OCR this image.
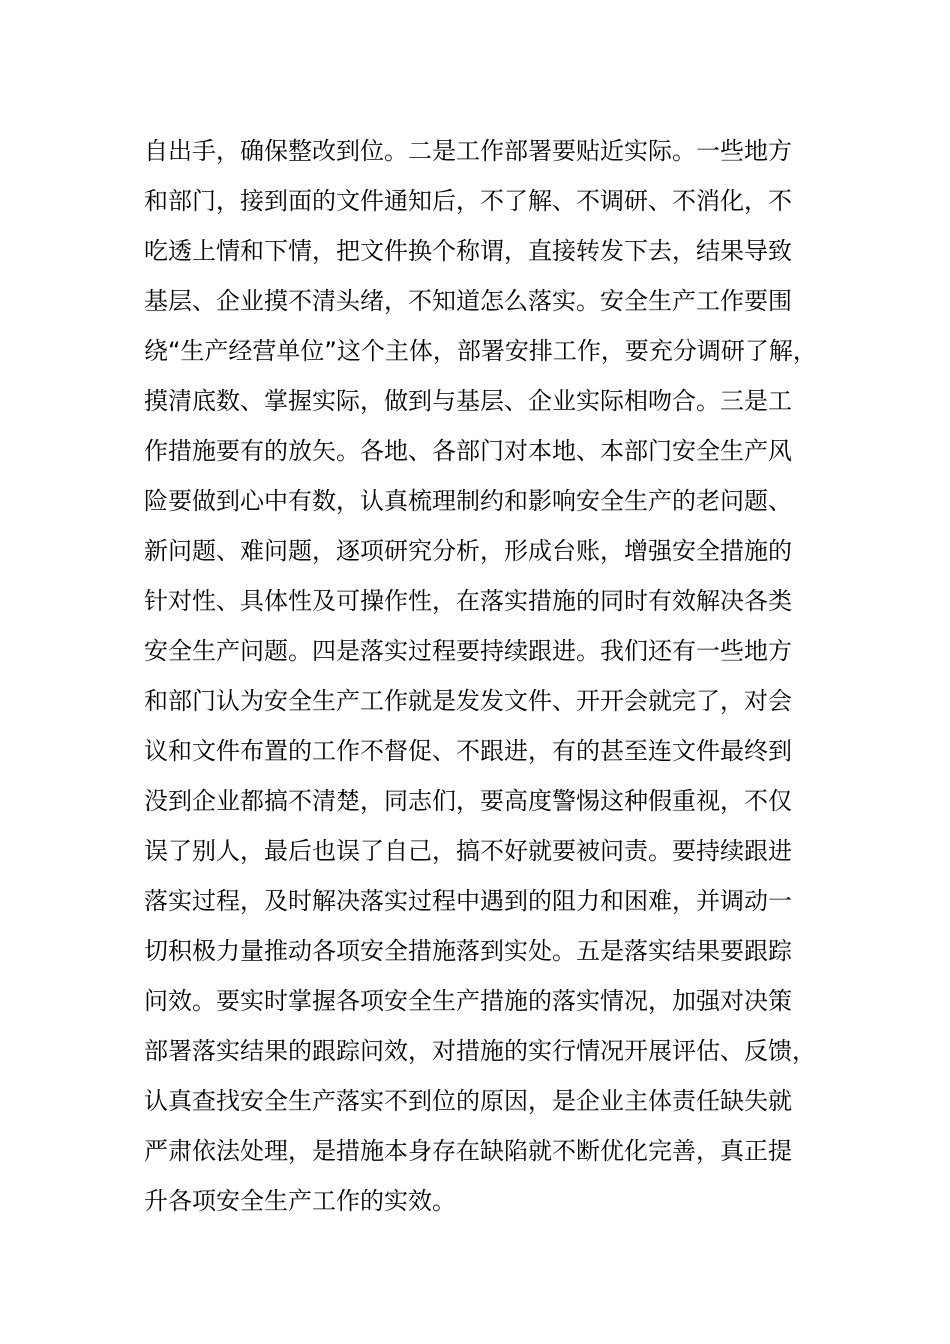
自出手，确保整改到位。二是工作部署要贴近实际。一些地方
和部门，接到面的文件通知后，不了解、不调研、不消化，不
吃透上情和下情，把文件换个称谓，直接转发下去，结果导致
基层、企业摸不清头绪，不知道怎么落实。安全生产工作要围
绕“生产经营单位”这个主体，部署安排工作，要充分调研了解，
摸清底数、掌握实际，做到与基层、企业实际相吻合。三是工
作措施要有的放矢。各地、各部门对本地、本部门安全生产风
险要做到心中有数，认真梳理制约和影响安全生产的老问题、
新问题、难问题，逐项研究分析，形成台账，增强安全措施的
针对性、具体性及可操作性，在落实措施的同时有效解决各类
安全生产问题。四是落实过程要持续跟进。我们还有一些地方
和部门认为安全生产工作就是发发文件、开开会就完了，对会
议和文件布置的工作不督促、不跟进，有的甚至连文件最终到
没到企业都搞不清楚，同志们，要高度警惕这种假重视，不仅
误了别人，最后也误了自己，搞不好就要被问责。要持续跟进
落实过程，及时解决落实过程中遇到的阻力和困难，并调动一
切积极力量推动各项安全措施落到实处。五是落实结果要跟踪
问效。要实时掌握各项安全生产措施的落实情况，加强对决策
部署落实结果的跟踪问效，对措施的实行情况开展评估、反馈，
认真查找安全生产落实不到位的原因，是企业主体责任缺失就
严肃依法处理，是措施本身存在缺陷就不断优化完善，真正提
升各项安全生产工作的实效。
